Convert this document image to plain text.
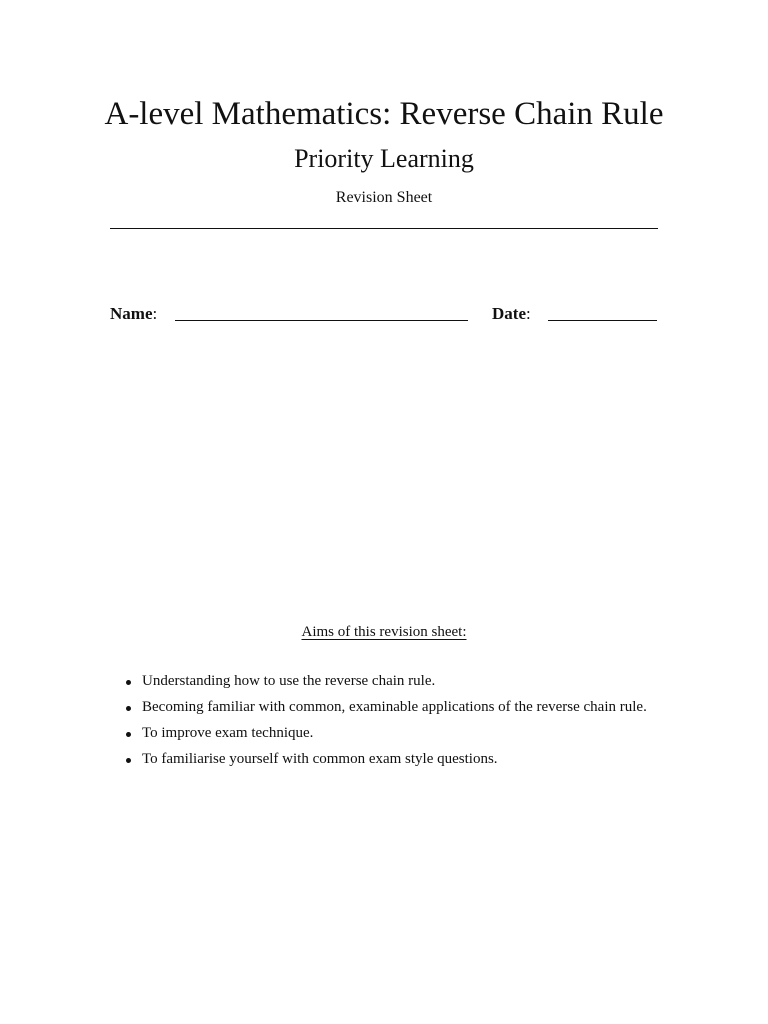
A-level Mathematics: Reverse Chain Rule
Priority Learning
Revision Sheet
Name:	Date:
Aims of this revision sheet:
Understanding how to use the reverse chain rule.
Becoming familiar with common, examinable applications of the reverse chain rule.
To improve exam technique.
To familiarise yourself with common exam style questions.
